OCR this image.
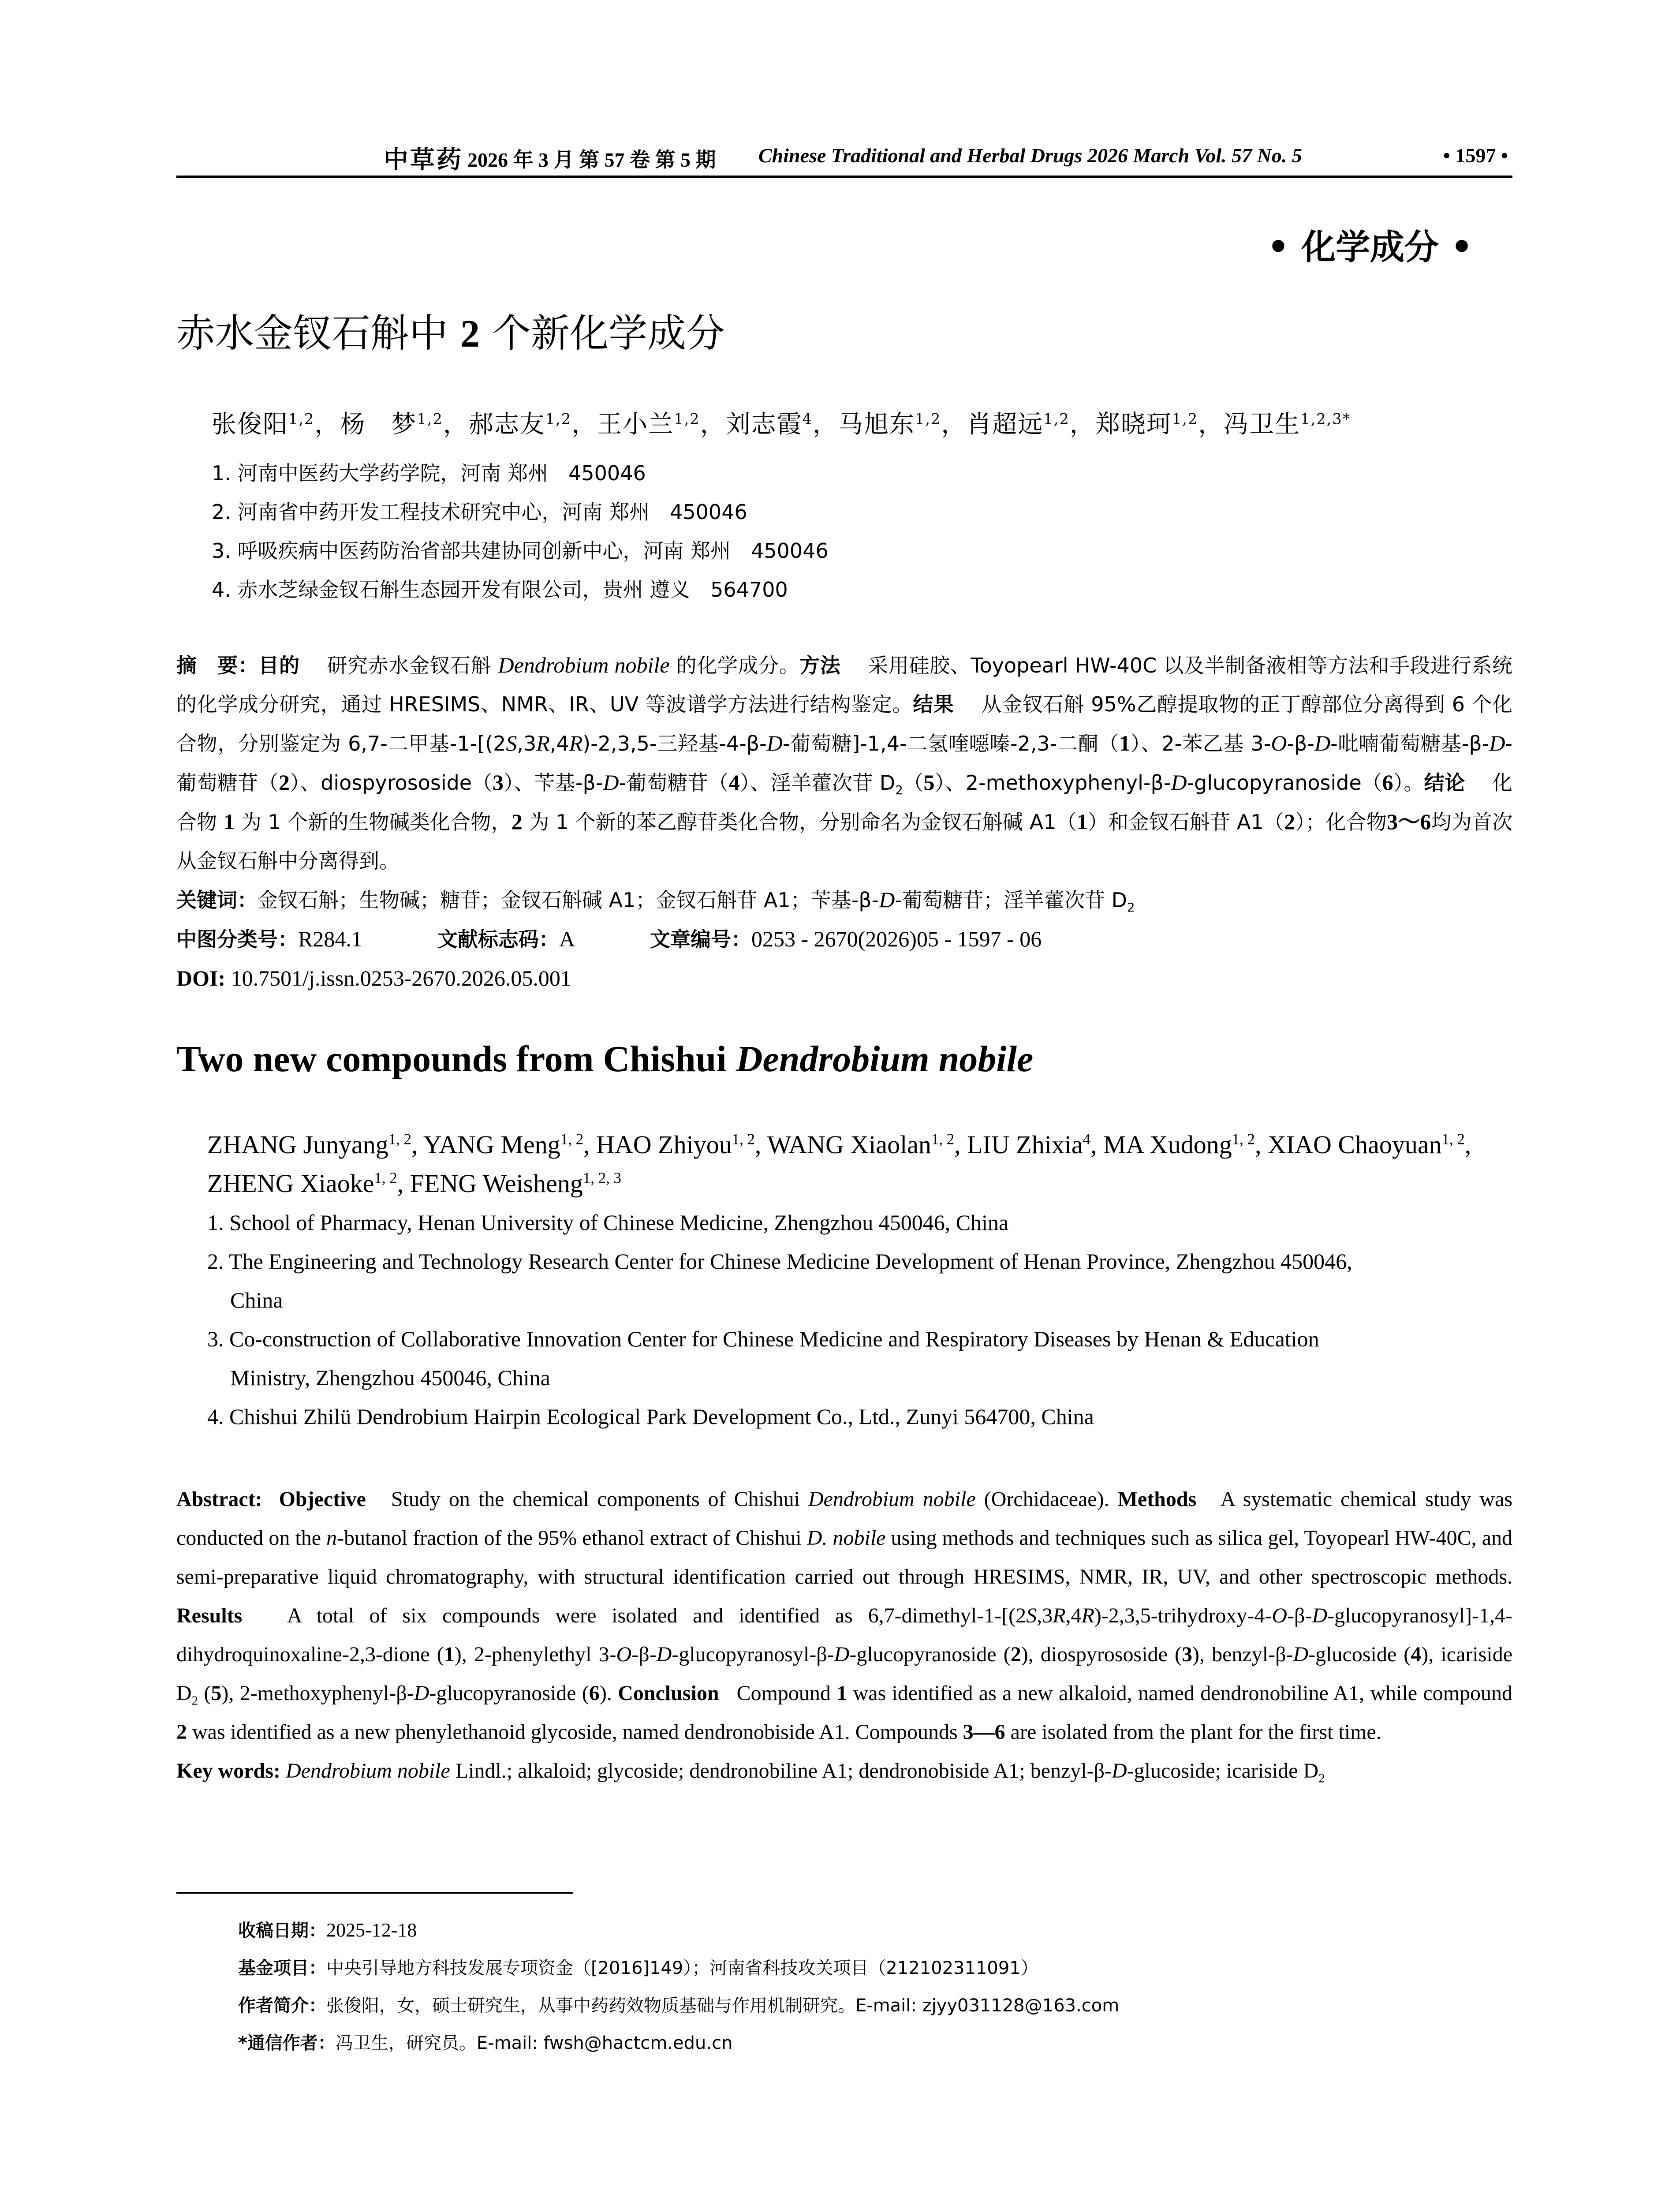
中草药 2026 年 3 月 第 57 卷 第 5 期 Chinese Traditional and Herbal Drugs 2026 March Vol. 57 No. 5	• 1597 •
• 化学成分 •
赤水金钗石斛中 2 个新化学成分
张俊阳$^{1,2}$，杨　梦$^{1,2}$，郝志友$^{1,2}$，王小兰$^{1,2}$，刘志霞$^4$，马旭东$^{1,2}$，肖超远$^{1,2}$，郑晓珂$^{1,2}$，冯卫生$^{1,2,3*}$
1. 河南中医药大学药学院，河南 郑州　450046
2. 河南省中药开发工程技术研究中心，河南 郑州　450046
3. 呼吸疾病中医药防治省部共建协同创新中心，河南 郑州　450046
4. 赤水芝绿金钗石斛生态园开发有限公司，贵州 遵义　564700
摘　要：目的　 研究赤水金钗石斛 Dendrobium nobile 的化学成分。方法　 采用硅胶、Toyopearl HW-40C 以及半制备液相等方法和手段进行系统的化学成分研究，通过 HRESIMS、NMR、IR、UV 等波谱学方法进行结构鉴定。结果　 从金钗石斛 95%乙醇提取物的正丁醇部位分离得到 6 个化合物，分别鉴定为 6,7-二甲基-1-[(2S,3R,4R)-2,3,5-三羟基-4-β-D-葡萄糖]-1,4-二氢喹噁嗪-2,3-二酮（1）、2-苯乙基 3-O-β-D-吡喃葡萄糖基-β-D-葡萄糖苷（2）、diospyrososide（3）、苄基-β-D-葡萄糖苷（4）、淫羊藿次苷 $D_2(5)$、2-methoxyphenyl-β-D-glucopyranoside（6）。结论　 化合物 1 为 1 个新的生物碱类化合物，2 为 1 个新的苯乙醇苷类化合物，分别命名为金钗石斛碱 A1（1）和金钗石斛苷 A1（2）；化合物3～6均为首次从金钗石斛中分离得到。
关键词：金钗石斛；生物碱；糖苷；金钗石斛碱 A1；金钗石斛苷 A1；苄基-β-D-葡萄糖苷；淫羊藿次苷 $D_2$
中图分类号：R284.1	文献标志码：A	文章编号：0253 - 2670(2026)05 - 1597 - 06
DOI: 10.7501/j.issn.0253-2670.2026.05.001
Two new compounds from Chishui Dendrobium nobile
ZHANG Junyang$^{1, 2}$, YANG Meng$^{1, 2}$, HAO Zhiyou$^{1, 2}$, WANG Xiaolan$^{1, 2}$, LIU Zhixia$^4$, MA Xudong$^{1, 2}$, XIAO Chaoyuan$^{1, 2}$, ZHENG Xiaoke$^{1, 2}$, FENG Weisheng$^{1, 2, 3}$
1. School of Pharmacy, Henan University of Chinese Medicine, Zhengzhou 450046, China
2. The Engineering and Technology Research Center for Chinese Medicine Development of Henan Province, Zhengzhou 450046,
China
3. Co-construction of Collaborative Innovation Center for Chinese Medicine and Respiratory Diseases by Henan & Education
Ministry, Zhengzhou 450046, China
4. Chishui Zhilü Dendrobium Hairpin Ecological Park Development Co., Ltd., Zunyi 564700, China
Abstract: Objective Study on the chemical components of Chishui Dendrobium nobile (Orchidaceae). Methods A systematic chemical study was conducted on the n-butanol fraction of the 95% ethanol extract of Chishui D. nobile using methods and techniques such as silica gel, Toyopearl HW-40C, and semi-preparative liquid chromatography, with structural identification carried out through HRESIMS, NMR, IR, UV, and other spectroscopic methods. Results A total of six compounds were isolated and identified as 6,7-dimethyl-1-[(2S,3R,4R)-2,3,5-trihydroxy-4-O-β-D-glucopyranosyl]-1,4-dihydroquinoxaline-2,3-dione (1), 2-phenylethyl 3-O-β-D-glucopyranosyl-β-D-glucopyranoside (2), diospyrososide (3), benzyl-β-D-glucoside (4), icariside $D_2$ (5), 2-methoxyphenyl-β-D-glucopyranoside (6). Conclusion Compound 1 was identified as a new alkaloid, named dendronobiline A1, while compound 2 was identified as a new phenylethanoid glycoside, named dendronobiside A1. Compounds 3—6 are isolated from the plant for the first time.
Key words: Dendrobium nobile Lindl.; alkaloid; glycoside; dendronobiline A1; dendronobiside A1; benzyl-β-D-glucoside; icariside $D_2$
收稿日期：2025-12-18
基金项目：中央引导地方科技发展专项资金（[2016]149）；河南省科技攻关项目（212102311091）
作者简介：张俊阳，女，硕士研究生，从事中药药效物质基础与作用机制研究。E-mail: zjyy031128@163.com
*通信作者：冯卫生，研究员。E-mail: fwsh@hactcm.edu.cn
